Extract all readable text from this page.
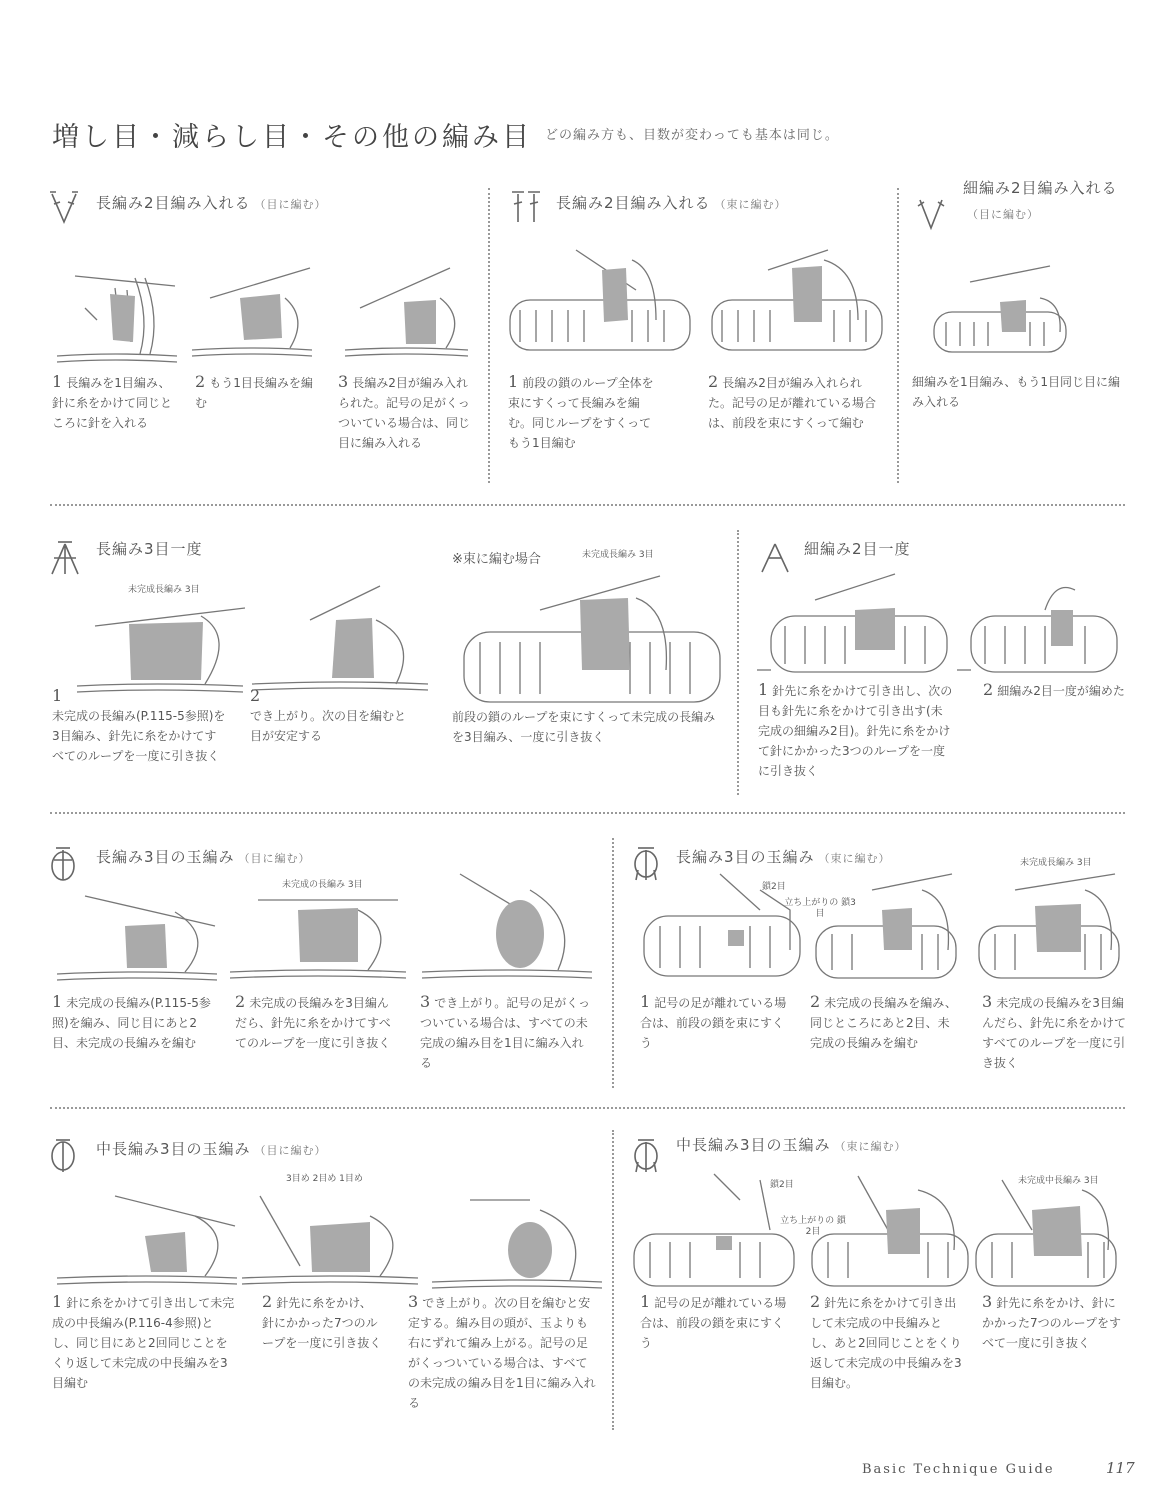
増し目・減らし目・その他の編み目 どの編み方も、目数が変わっても基本は同じ。
長編み2目編み入れる （目に編む）
1 長編みを1目編み、針に糸をかけて同じところに針を入れる
2 もう1目長編みを編む
3 長編み2目が編み入れられた。記号の足がくっついている場合は、同じ目に編み入れる
長編み2目編み入れる （束に編む）
1 前段の鎖のループ全体を束にすくって長編みを編む。同じループをすくってもう1目編む
2 長編み2目が編み入れられた。記号の足が離れている場合は、前段を束にすくって編む
細編み2目編み入れる（目に編む）
細編みを1目編み、もう1目同じ目に編み入れる
長編み3目一度
未完成長編み 3目
1
未完成の長編み(P.115-5参照)を3目編み、針先に糸をかけてすべてのループを一度に引き抜く
2
でき上がり。次の目を編むと目が安定する
※束に編む場合	未完成長編み 3目
前段の鎖のループを束にすくって未完成の長編みを3目編み、一度に引き抜く
細編み2目一度
1 針先に糸をかけて引き出し、次の目も針先に糸をかけて引き出す(未完成の細編み2目)。針先に糸をかけて針にかかった3つのループを一度に引き抜く
2 細編み2目一度が編めた
長編み3目の玉編み （目に編む）
未完成の長編み 3目
1 未完成の長編み(P.115-5参照)を編み、同じ目にあと2目、未完成の長編みを編む
2 未完成の長編みを3目編んだら、針先に糸をかけてすべてのループを一度に引き抜く
3 でき上がり。記号の足がくっついている場合は、すべての未完成の編み目を1目に編み入れる
長編み3目の玉編み （束に編む）
鎖2目
立ち上がりの 鎖3目
未完成長編み 3目
1 記号の足が離れている場合は、前段の鎖を束にすくう
2 未完成の長編みを編み、同じところにあと2目、未完成の長編みを編む
3 未完成の長編みを3目編んだら、針先に糸をかけてすべてのループを一度に引き抜く
中長編み3目の玉編み （目に編む）
3目め 2目め 1目め
1 針に糸をかけて引き出して未完成の中長編み(P.116-4参照)とし、同じ目にあと2回同じことをくり返して未完成の中長編みを3目編む
2 針先に糸をかけ、針にかかった7つのループを一度に引き抜く
3 でき上がり。次の目を編むと安定する。編み目の頭が、玉よりも右にずれて編み上がる。記号の足がくっついている場合は、すべての未完成の編み目を1目に編み入れる
中長編み3目の玉編み （束に編む）
鎖2目
立ち上がりの 鎖2目
未完成中長編み 3目
1 記号の足が離れている場合は、前段の鎖を束にすくう
2 針先に糸をかけて引き出して未完成の中長編みとし、あと2回同じことをくり返して未完成の中長編みを3目編む。
3 針先に糸をかけ、針にかかった7つのループをすべて一度に引き抜く
Basic Technique Guide	117
